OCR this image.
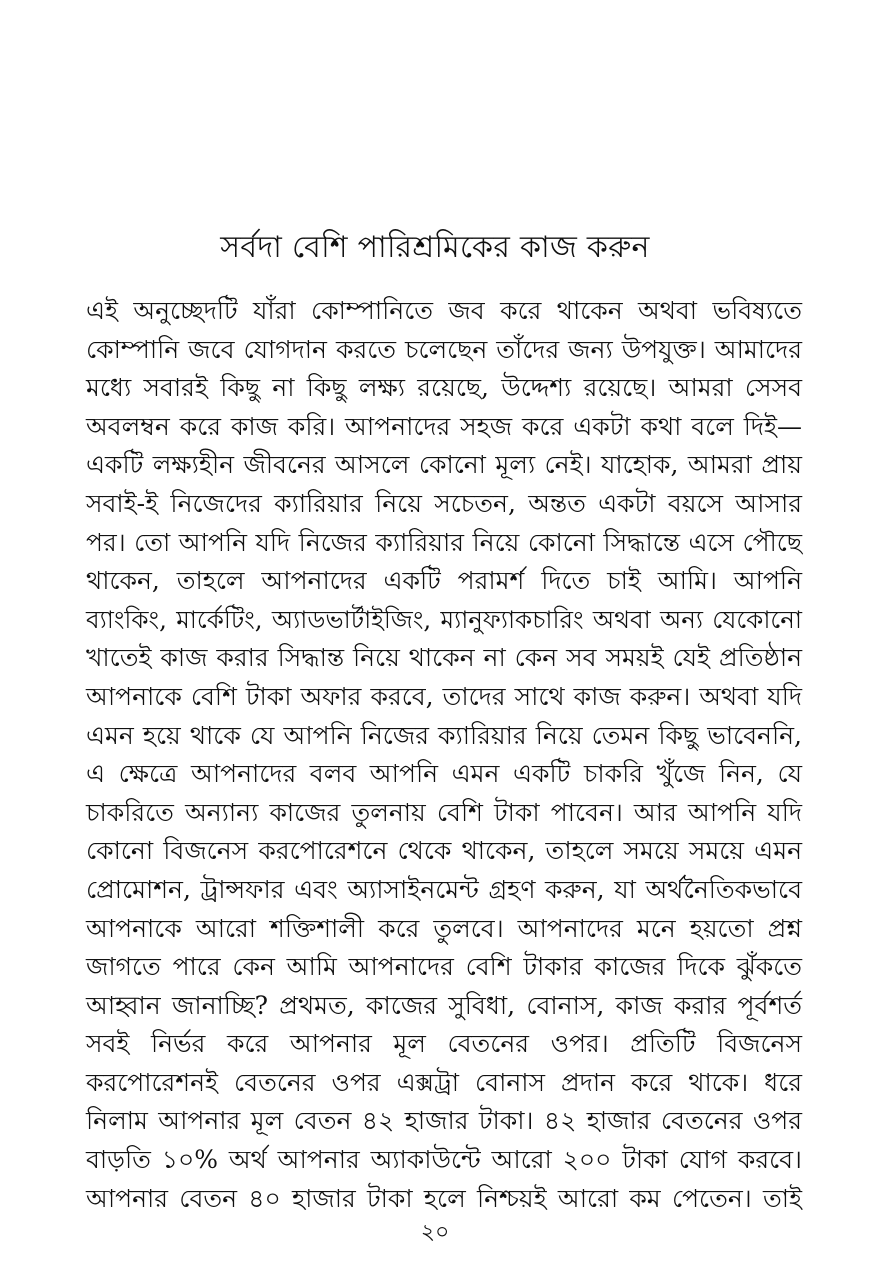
সর্বদা বেশি পারিশ্রমিকের কাজ করুন
এই অনুচ্ছেদটি যাঁরা কোম্পানিতে জব করে থাকেন অথবা ভবিষ্যতে
কোম্পানি জবে যোগদান করতে চলেছেন তাঁদের জন্য উপযুক্ত। আমাদের
মধ্যে সবারই কিছু না কিছু লক্ষ্য রয়েছে, উদ্দেশ্য রয়েছে। আমরা সেসব
অবলম্বন করে কাজ করি। আপনাদের সহজ করে একটা কথা বলে দিই—
একটি লক্ষ্যহীন জীবনের আসলে কোনো মূল্য নেই। যাহোক, আমরা প্রায়
সবাই-ই নিজেদের ক্যারিয়ার নিয়ে সচেতন, অন্তত একটা বয়সে আসার
পর। তো আপনি যদি নিজের ক্যারিয়ার নিয়ে কোনো সিদ্ধান্তে এসে পৌছে
থাকেন, তাহলে আপনাদের একটি পরামর্শ দিতে চাই আমি। আপনি
ব্যাংকিং, মার্কেটিং, অ্যাডভার্টাইজিং, ম্যানুফ্যাকচারিং অথবা অন্য যেকোনো
খাতেই কাজ করার সিদ্ধান্ত নিয়ে থাকেন না কেন সব সময়ই যেই প্রতিষ্ঠান
আপনাকে বেশি টাকা অফার করবে, তাদের সাথে কাজ করুন। অথবা যদি
এমন হয়ে থাকে যে আপনি নিজের ক্যারিয়ার নিয়ে তেমন কিছু ভাবেননি,
এ ক্ষেত্রে আপনাদের বলব আপনি এমন একটি চাকরি খুঁজে নিন, যে
চাকরিতে অন্যান্য কাজের তুলনায় বেশি টাকা পাবেন। আর আপনি যদি
কোনো বিজনেস করপোরেশনে থেকে থাকেন, তাহলে সময়ে সময়ে এমন
প্রোমোশন, ট্রান্সফার এবং অ্যাসাইনমেন্ট গ্রহণ করুন, যা অর্থনৈতিকভাবে
আপনাকে আরো শক্তিশালী করে তুলবে। আপনাদের মনে হয়তো প্রশ্ন
জাগতে পারে কেন আমি আপনাদের বেশি টাকার কাজের দিকে ঝুঁকতে
আহ্বান জানাচ্ছি? প্রথমত, কাজের সুবিধা, বোনাস, কাজ করার পূর্বশর্ত
সবই নির্ভর করে আপনার মূল বেতনের ওপর। প্রতিটি বিজনেস
করপোরেশনই বেতনের ওপর এক্সট্রা বোনাস প্রদান করে থাকে। ধরে
নিলাম আপনার মূল বেতন ৪২ হাজার টাকা। ৪২ হাজার বেতনের ওপর
বাড়তি ১০% অর্থ আপনার অ্যাকাউন্টে আরো ২০০ টাকা যোগ করবে।
আপনার বেতন ৪০ হাজার টাকা হলে নিশ্চয়ই আরো কম পেতেন। তাই
২০
